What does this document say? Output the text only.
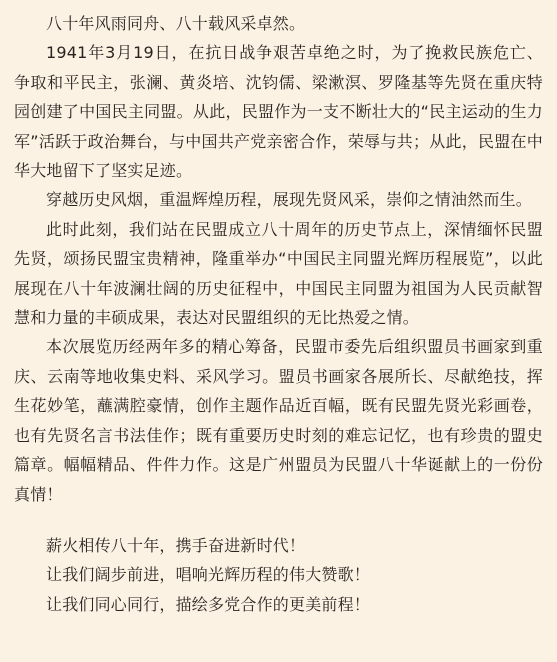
八十年风雨同舟、八十载风采卓然。

1941年3月19日，在抗日战争艰苦卓绝之时，为了挽救民族危亡、 争取和平民主，张澜、黄炎培、沈钧儒、梁漱溟、罗隆基等先贤在重庆特园创建了中国民主同盟。从此，民盟作为一支不断壮大的“民主运动的生力军”活跃于政治舞台，与中国共产党亲密合作，荣辱与共；从此，民盟在中华大地留下了坚实足迹。

穿越历史风烟，重温辉煌历程，展现先贤风采，崇仰之情油然而生。

此时此刻，我们站在民盟成立八十周年的历史节点上，深情缅怀民盟先贤，颂扬民盟宝贵精神，隆重举办“中国民主同盟光辉历程展览”，以此展现在八十年波澜壮阔的历史征程中，中国民主同盟为祖国为人民贡献智慧和力量的丰硕成果，表达对民盟组织的无比热爱之情。

本次展览历经两年多的精心筹备，民盟市委先后组织盟员书画家到重庆、云南等地收集史料、采风学习。盟员书画家各展所长、尽献绝技，挥生花妙笔，蘸满腔豪情，创作主题作品近百幅，既有民盟先贤光彩画卷，也有先贤名言书法佳作；既有重要历史时刻的难忘记忆，也有珍贵的盟史篇章。幅幅精品、件件力作。这是广州盟员为民盟八十华诞献上的一份份真情！

薪火相传八十年，携手奋进新时代！

让我们阔步前进，唱响光辉历程的伟大赞歌！

让我们同心同行，描绘多党合作的更美前程！
